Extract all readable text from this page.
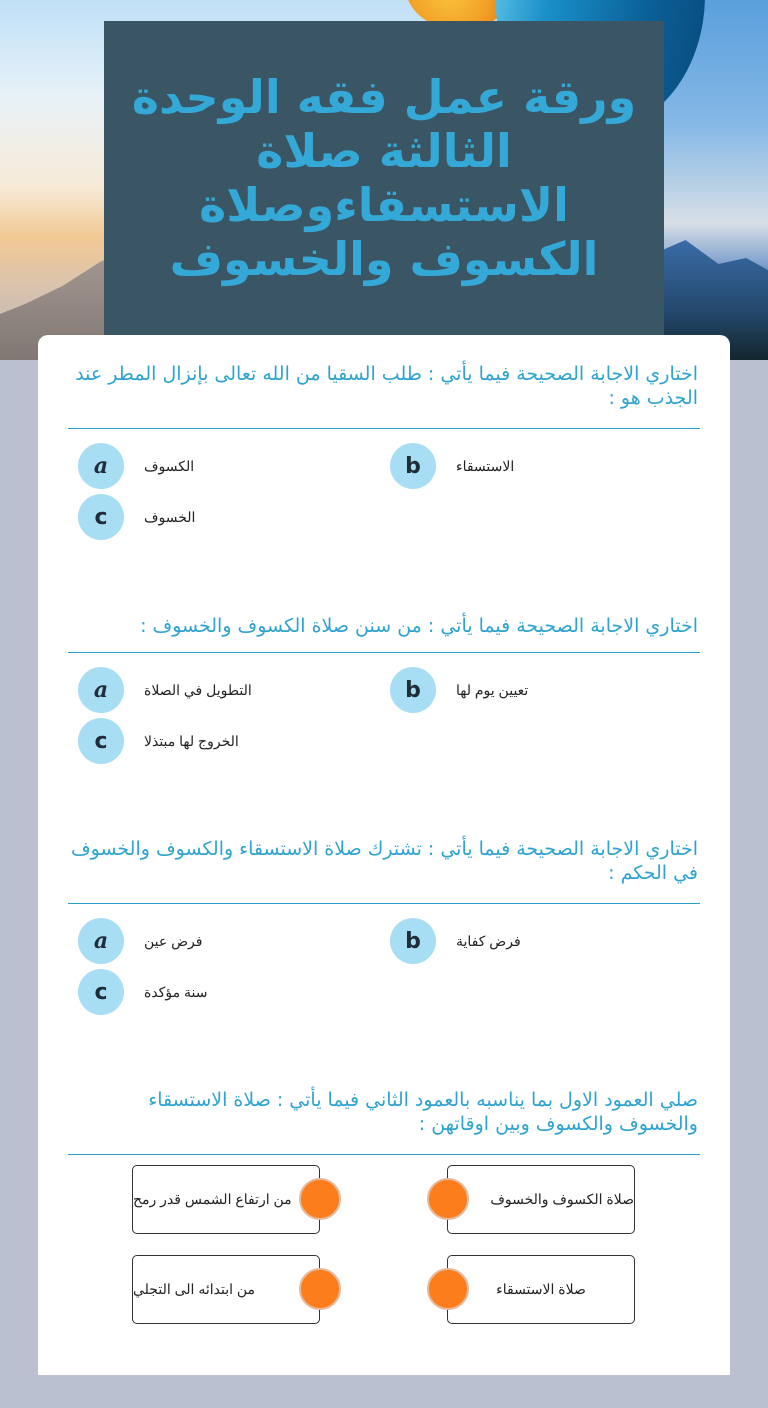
ورقة عمل فقه الوحدة الثالثة صلاة الاستسقاءوصلاة الكسوف والخسوف

اختاري الاجابة الصحيحة فيما يأتي : طلب السقيا من الله تعالى بإنزال المطر عند الجذب هو :

a	الكسوف	b	الاستسقاء
c	الخسوف

اختاري الاجابة الصحيحة فيما يأتي : من سنن صلاة الكسوف والخسوف :

a	التطويل في الصلاة	b	تعيين يوم لها
c	الخروج لها مبتذلا

اختاري الاجابة الصحيحة فيما يأتي : تشترك صلاة الاستسقاء والكسوف والخسوف في الحكم :

a	فرض عين	b	فرض كفاية
c	سنة مؤكدة

صلي العمود الاول بما يناسبه بالعمود الثاني فيما يأتي : صلاة الاستسقاء والخسوف والكسوف وبين اوقاتهن :

من ارتفاع الشمس قدر رمح
من ابتدائه الى التجلي
صلاة الكسوف والخسوف
صلاة الاستسقاء
